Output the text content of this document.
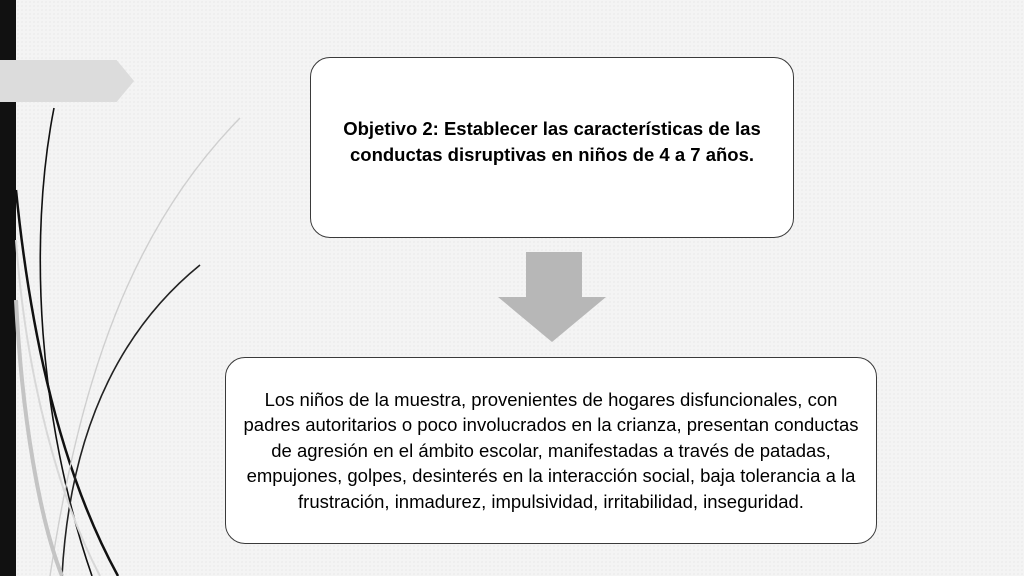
Objetivo 2: Establecer las características de las conductas disruptivas en niños de 4 a 7 años.
Los niños de la muestra, provenientes de hogares disfuncionales, con padres autoritarios o poco involucrados en la crianza, presentan conductas de agresión en el ámbito escolar, manifestadas a través de patadas, empujones, golpes, desinterés en la interacción social, baja tolerancia a la frustración, inmadurez, impulsividad, irritabilidad, inseguridad.
